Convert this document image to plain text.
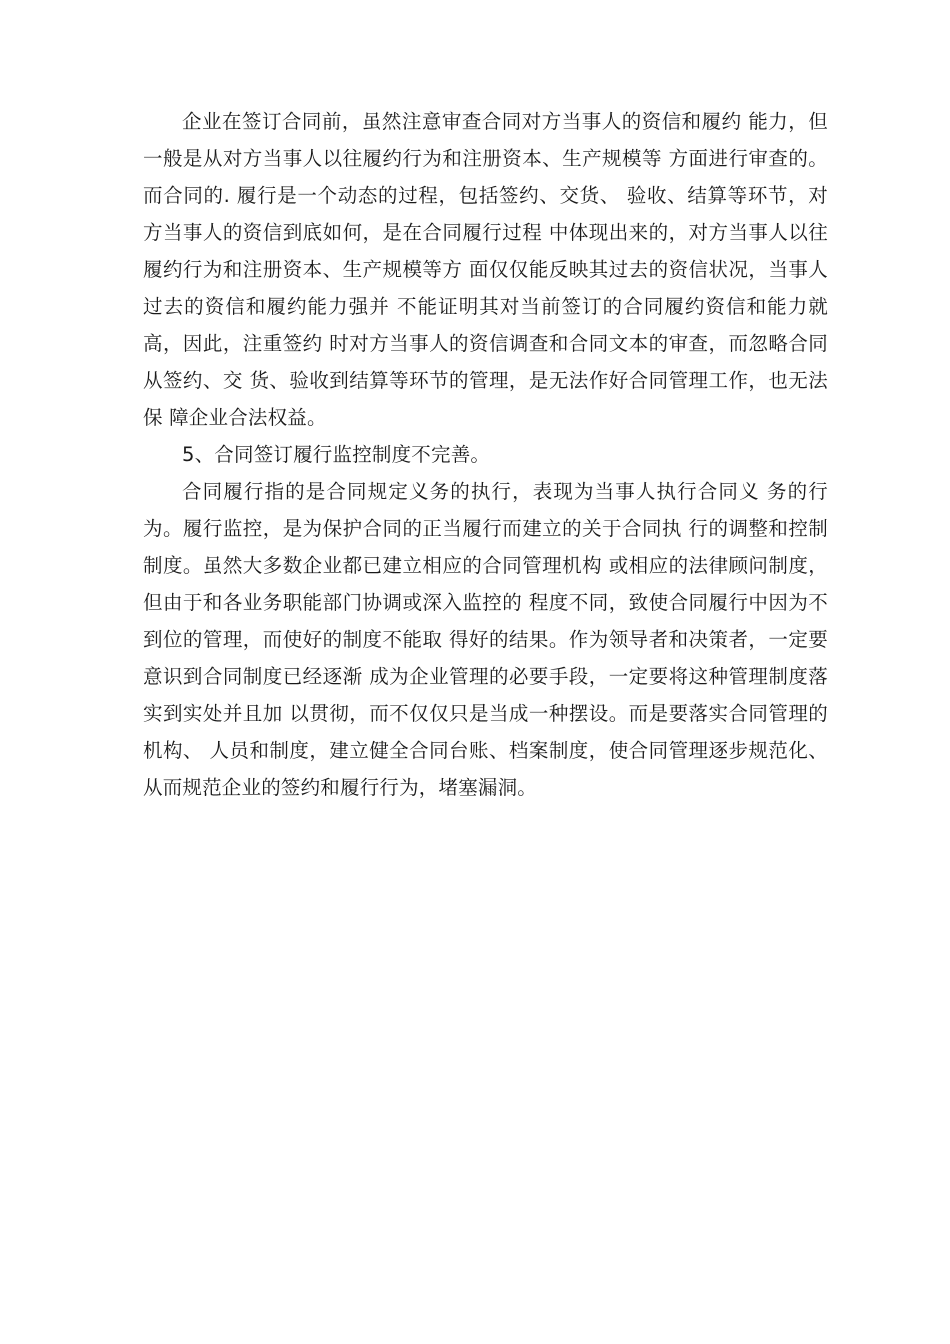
企业在签订合同前，虽然注意审查合同对方当事人的资信和履约 能力，但一般是从对方当事人以往履约行为和注册资本、生产规模等 方面进行审查的。而合同的. 履行是一个动态的过程，包括签约、交货、 验收、结算等环节，对方当事人的资信到底如何，是在合同履行过程 中体现出来的，对方当事人以往履约行为和注册资本、生产规模等方 面仅仅能反映其过去的资信状况，当事人过去的资信和履约能力强并 不能证明其对当前签订的合同履约资信和能力就高，因此，注重签约 时对方当事人的资信调查和合同文本的审查，而忽略合同从签约、交 货、验收到结算等环节的管理，是无法作好合同管理工作，也无法保 障企业合法权益。

5、合同签订履行监控制度不完善。

合同履行指的是合同规定义务的执行，表现为当事人执行合同义 务的行为。履行监控，是为保护合同的正当履行而建立的关于合同执 行的调整和控制制度。虽然大多数企业都已建立相应的合同管理机构 或相应的法律顾问制度，但由于和各业务职能部门协调或深入监控的 程度不同，致使合同履行中因为不到位的管理，而使好的制度不能取 得好的结果。作为领导者和决策者，一定要意识到合同制度已经逐渐 成为企业管理的必要手段，一定要将这种管理制度落实到实处并且加 以贯彻，而不仅仅只是当成一种摆设。而是要落实合同管理的机构、 人员和制度，建立健全合同台账、档案制度，使合同管理逐步规范化、 从而规范企业的签约和履行行为，堵塞漏洞。
